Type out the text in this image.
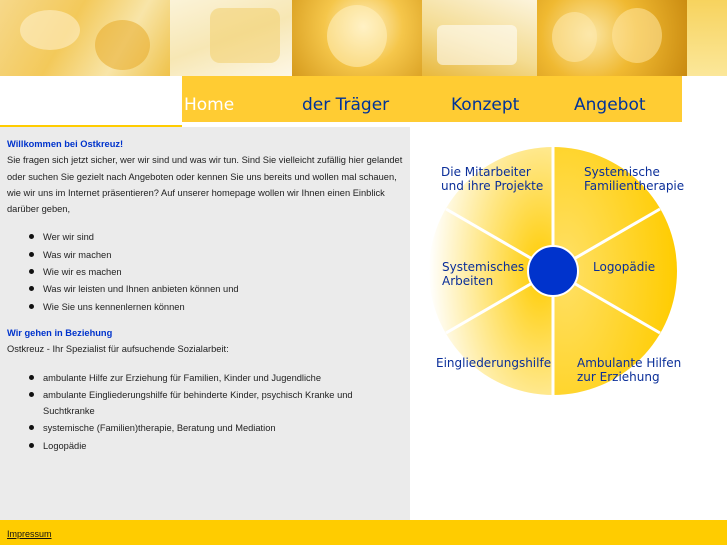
Home	der Träger	Konzept	Angebot
Willkommen bei Ostkreuz!
Sie fragen sich jetzt sicher, wer wir sind und was wir tun. Sind Sie vielleicht zufällig hier gelandet oder suchen Sie gezielt nach Angeboten oder kennen Sie uns bereits und wollen mal schauen, wie wir uns im Internet präsentieren? Auf unserer homepage wollen wir Ihnen einen Einblick darüber geben,
Wer wir sind
Was wir machen
Wie wir es machen
Was wir leisten und Ihnen anbieten können und
Wie Sie uns kennenlernen können
Wir gehen in Beziehung
Ostkreuz - Ihr Spezialist für aufsuchende Sozialarbeit:
ambulante Hilfe zur Erziehung für Familien, Kinder und Jugendliche
ambulante Eingliederungshilfe für behinderte Kinder, psychisch Kranke und Suchtkranke
systemische (Familien)therapie, Beratung und Mediation
Logopädie
Die Mitarbeiter und ihre Projekte
Systemische Familientherapie
Systemisches Arbeiten
Logopädie
Eingliederungshilfe	Ambulante Hilfen zur Erziehung
Impressum
